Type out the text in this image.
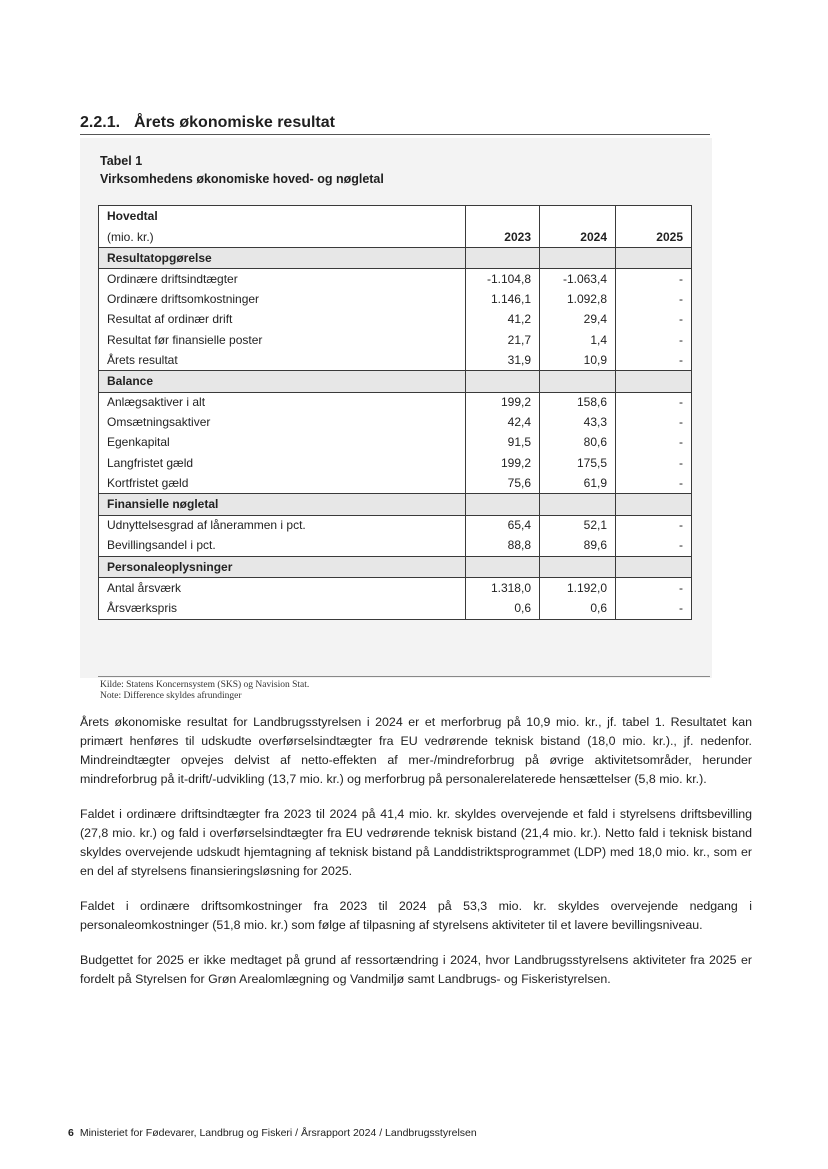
2.2.1. Årets økonomiske resultat
Tabel 1
Virksomhedens økonomiske hoved- og nøgletal
Hovedtal			
(mio. kr.)	2023	2024	2025
Resultatopgørelse			
Ordinære driftsindtægter	-1.104,8	-1.063,4	-
Ordinære driftsomkostninger	1.146,1	1.092,8	-
Resultat af ordinær drift	41,2	29,4	-
Resultat før finansielle poster	21,7	1,4	-
Årets resultat	31,9	10,9	-
Balance			
Anlægsaktiver i alt	199,2	158,6	-
Omsætningsaktiver	42,4	43,3	-
Egenkapital	91,5	80,6	-
Langfristet gæld	199,2	175,5	-
Kortfristet gæld	75,6	61,9	-
Finansielle nøgletal			
Udnyttelsesgrad af lånerammen i pct.	65,4	52,1	-
Bevillingsandel i pct.	88,8	89,6	-
Personaleoplysninger			
Antal årsværk	1.318,0	1.192,0	-
Årsværkspris	0,6	0,6	-
Kilde: Statens Koncernsystem (SKS) og Navision Stat.
Note: Difference skyldes afrundinger

Årets økonomiske resultat for Landbrugsstyrelsen i 2024 er et merforbrug på 10,9 mio. kr., jf. tabel 1. Resultatet kan primært henføres til udskudte overførselsindtægter fra EU vedrørende teknisk bistand (18,0 mio. kr.)., jf. nedenfor. Mindreindtægter opvejes delvist af netto-effekten af mer-/mindreforbrug på øvrige aktivitetsområder, herunder mindreforbrug på it-drift/-udvikling (13,7 mio. kr.) og merforbrug på personalerelaterede hensættelser (5,8 mio. kr.).

Faldet i ordinære driftsindtægter fra 2023 til 2024 på 41,4 mio. kr. skyldes overvejende et fald i styrelsens driftsbevilling (27,8 mio. kr.) og fald i overførselsindtægter fra EU vedrørende teknisk bistand (21,4 mio. kr.). Netto fald i teknisk bistand skyldes overvejende udskudt hjemtagning af teknisk bistand på Landdistriktsprogrammet (LDP) med 18,0 mio. kr., som er en del af styrelsens finansieringsløsning for 2025.

Faldet i ordinære driftsomkostninger fra 2023 til 2024 på 53,3 mio. kr. skyldes overvejende nedgang i personaleomkostninger (51,8 mio. kr.) som følge af tilpasning af styrelsens aktiviteter til et lavere bevillingsniveau.

Budgettet for 2025 er ikke medtaget på grund af ressortændring i 2024, hvor Landbrugsstyrelsens aktiviteter fra 2025 er fordelt på Styrelsen for Grøn Arealomlægning og Vandmiljø samt Landbrugs- og Fiskeristyrelsen.

6 Ministeriet for Fødevarer, Landbrug og Fiskeri / Årsrapport 2024 / Landbrugsstyrelsen
